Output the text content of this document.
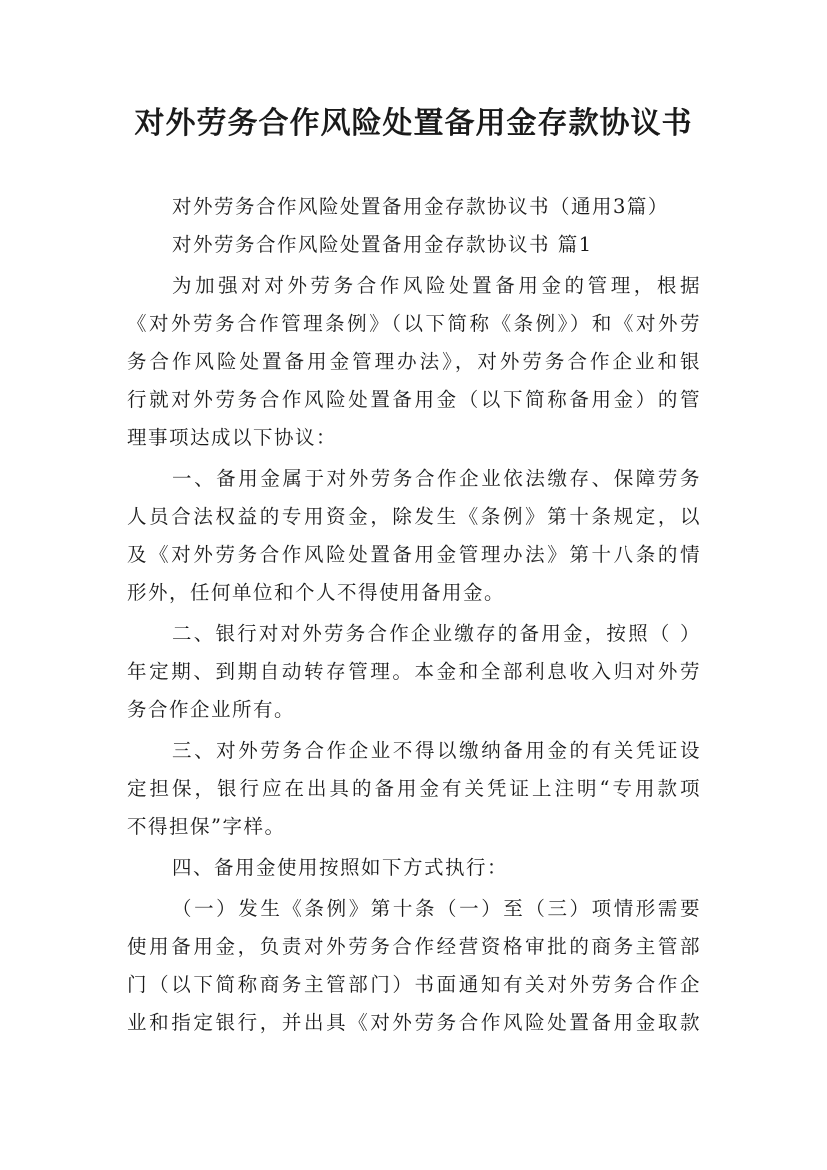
对外劳务合作风险处置备用金存款协议书
对外劳务合作风险处置备用金存款协议书（通用3篇）
对外劳务合作风险处置备用金存款协议书 篇1
为加强对对外劳务合作风险处置备用金的管理，根据
《对外劳务合作管理条例》（以下简称《条例》）和《对外劳
务合作风险处置备用金管理办法》，对外劳务合作企业和银
行就对外劳务合作风险处置备用金（以下简称备用金）的管
理事项达成以下协议：
一、备用金属于对外劳务合作企业依法缴存、保障劳务
人员合法权益的专用资金，除发生《条例》第十条规定，以
及《对外劳务合作风险处置备用金管理办法》第十八条的情
形外，任何单位和个人不得使用备用金。
二、银行对对外劳务合作企业缴存的备用金，按照（ ）
年定期、到期自动转存管理。本金和全部利息收入归对外劳
务合作企业所有。
三、对外劳务合作企业不得以缴纳备用金的有关凭证设
定担保，银行应在出具的备用金有关凭证上注明“专用款项
不得担保”字样。
四、备用金使用按照如下方式执行：
（一）发生《条例》第十条（一）至（三）项情形需要
使用备用金，负责对外劳务合作经营资格审批的商务主管部
门（以下简称商务主管部门）书面通知有关对外劳务合作企
业和指定银行，并出具《对外劳务合作风险处置备用金取款
